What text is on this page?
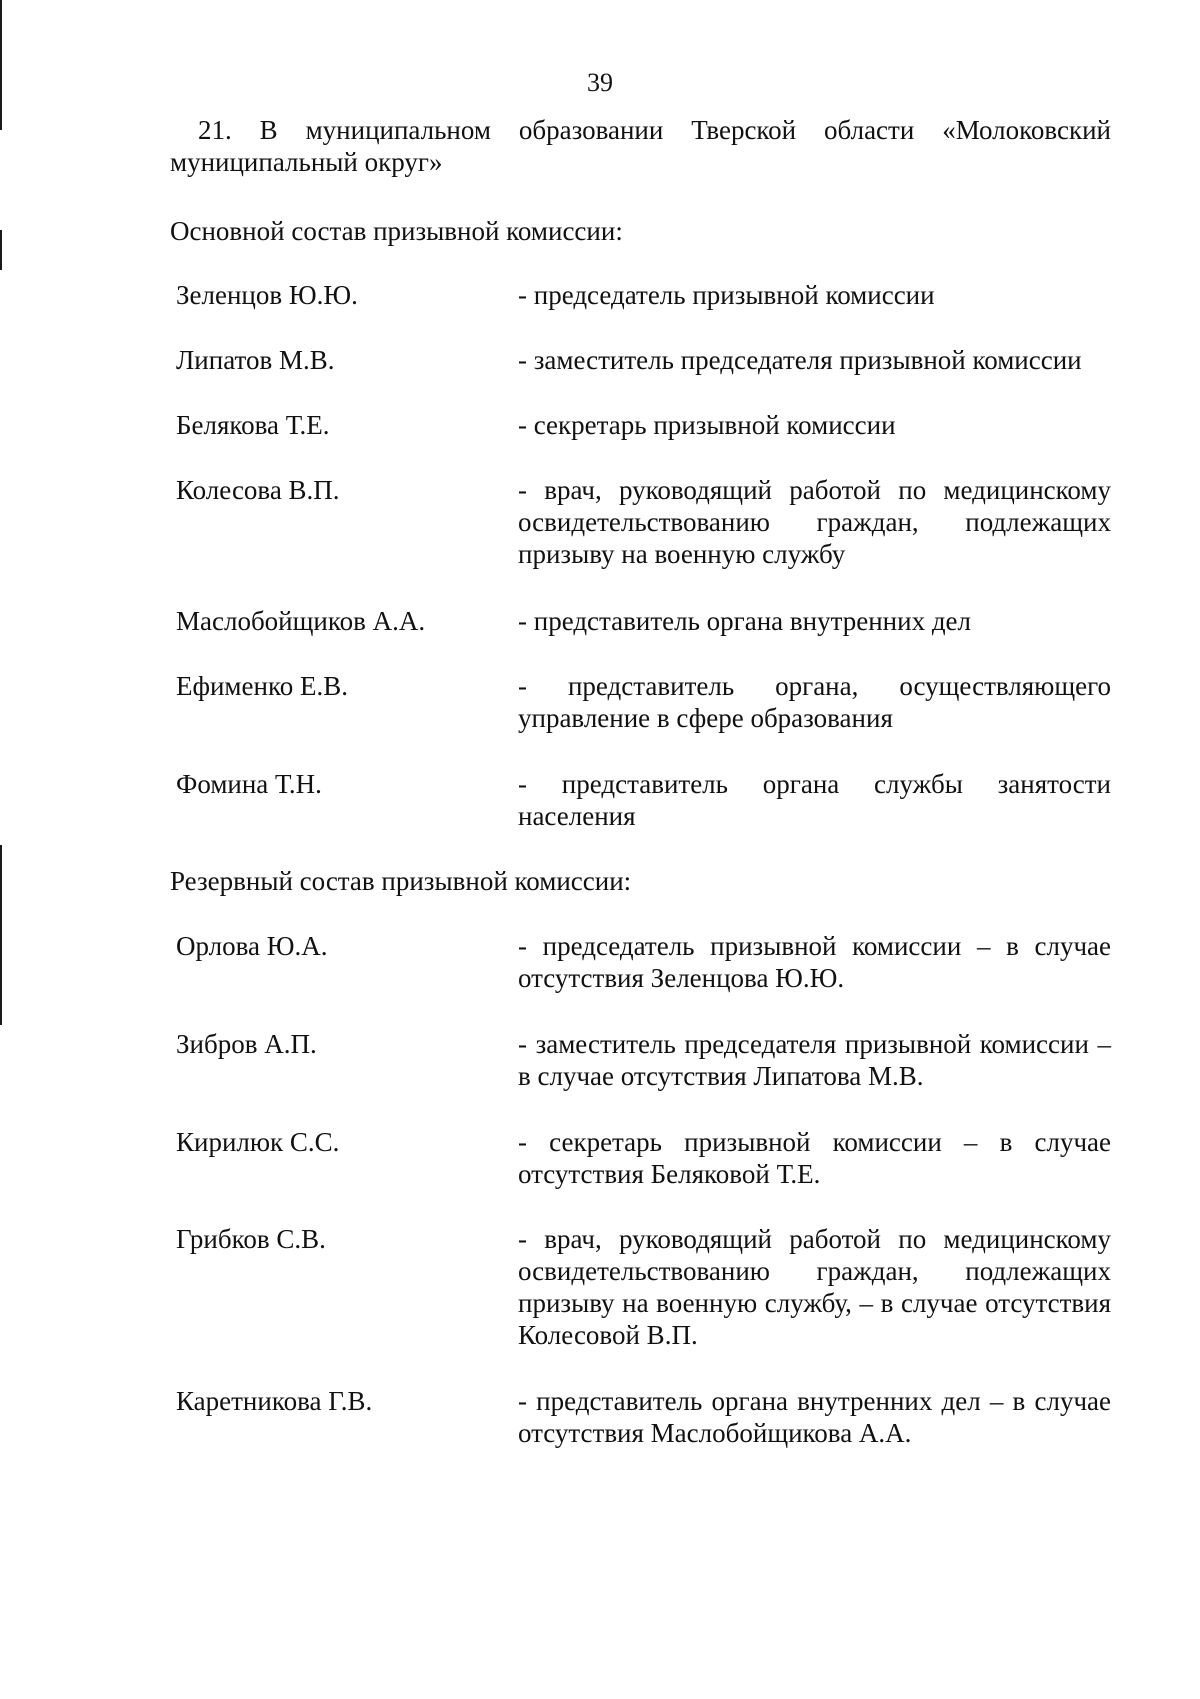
39
21. В муниципальном образовании Тверской области «Молоковский муниципальный округ»
Основной состав призывной комиссии:
Зеленцов Ю.Ю.	- председатель призывной комиссии
Липатов М.В.	- заместитель председателя призывной комиссии
Белякова Т.Е.	- секретарь призывной комиссии
Колесова В.П.	- врач, руководящий работой по медицинскому освидетельствованию граждан, подлежащих призыву на военную службу
Маслобойщиков А.А.	- представитель органа внутренних дел
Ефименко Е.В.	- представитель органа, осуществляющего управление в сфере образования
Фомина Т.Н.	- представитель органа службы занятости населения
Резервный состав призывной комиссии:
Орлова Ю.А.	- председатель призывной комиссии – в случае отсутствия Зеленцова Ю.Ю.
Зибров А.П.	- заместитель председателя призывной комиссии – в случае отсутствия Липатова М.В.
Кирилюк С.С.	- секретарь призывной комиссии – в случае отсутствия Беляковой Т.Е.
Грибков С.В.	- врач, руководящий работой по медицинскому освидетельствованию граждан, подлежащих призыву на военную службу, – в случае отсутствия Колесовой В.П.
Каретникова Г.В.	- представитель органа внутренних дел – в случае отсутствия Маслобойщикова А.А.
